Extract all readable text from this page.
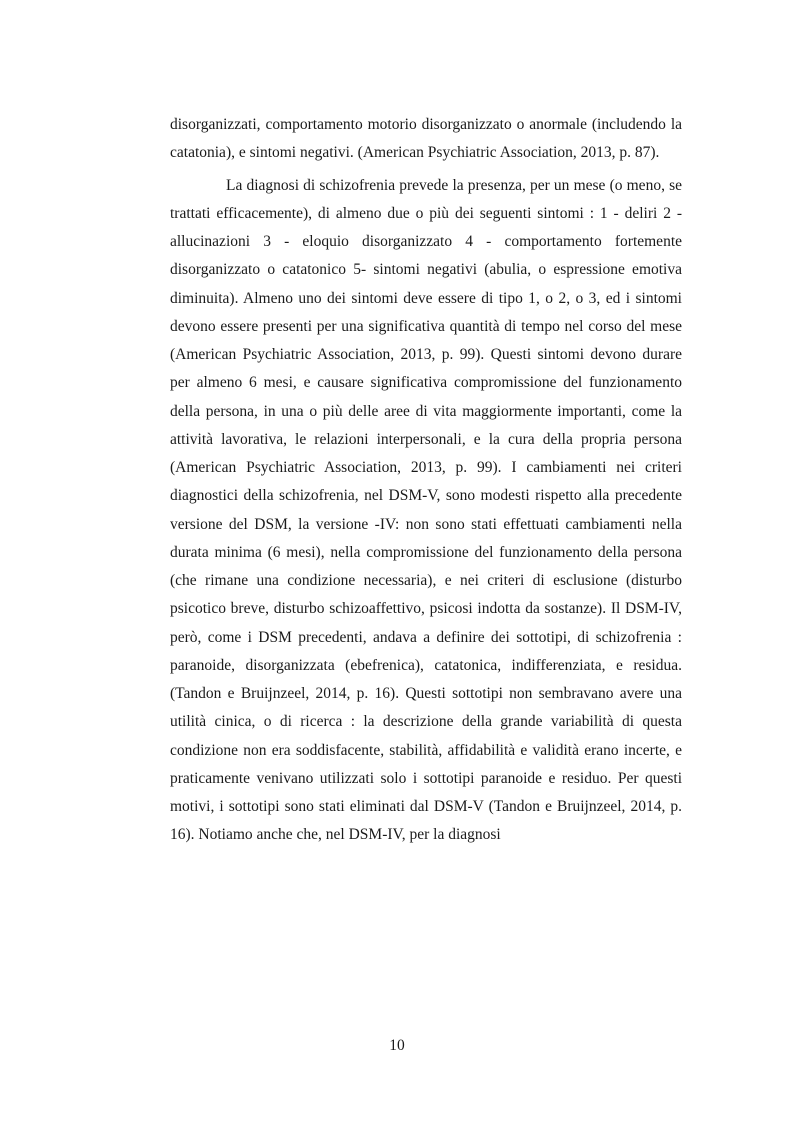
disorganizzati, comportamento motorio disorganizzato o anormale (includendo la catatonia), e sintomi negativi. (American Psychiatric Association, 2013, p. 87).

La diagnosi di schizofrenia prevede la presenza, per un mese (o meno, se trattati efficacemente), di almeno due o più dei seguenti sintomi : 1 - deliri 2 - allucinazioni 3 - eloquio disorganizzato 4 - comportamento fortemente disorganizzato o catatonico 5- sintomi negativi (abulia, o espressione emotiva diminuita). Almeno uno dei sintomi deve essere di tipo 1, o 2, o 3, ed i sintomi devono essere presenti per una significativa quantità di tempo nel corso del mese (American Psychiatric Association, 2013, p. 99). Questi sintomi devono durare per almeno 6 mesi, e causare significativa compromissione del funzionamento della persona, in una o più delle aree di vita maggiormente importanti, come la attività lavorativa, le relazioni interpersonali, e la cura della propria persona (American Psychiatric Association, 2013, p. 99). I cambiamenti nei criteri diagnostici della schizofrenia, nel DSM-V, sono modesti rispetto alla precedente versione del DSM, la versione -IV: non sono stati effettuati cambiamenti nella durata minima (6 mesi), nella compromissione del funzionamento della persona (che rimane una condizione necessaria), e nei criteri di esclusione (disturbo psicotico breve, disturbo schizoaffettivo, psicosi indotta da sostanze). Il DSM-IV, però, come i DSM precedenti, andava a definire dei sottotipi, di schizofrenia : paranoide, disorganizzata (ebefrenica), catatonica, indifferenziata, e residua. (Tandon e Bruijnzeel, 2014, p. 16). Questi sottotipi non sembravano avere una utilità cinica, o di ricerca : la descrizione della grande variabilità di questa condizione non era soddisfacente, stabilità, affidabilità e validità erano incerte, e praticamente venivano utilizzati solo i sottotipi paranoide e residuo. Per questi motivi, i sottotipi sono stati eliminati dal DSM-V (Tandon e Bruijnzeel, 2014, p. 16). Notiamo anche che, nel DSM-IV, per la diagnosi

10
